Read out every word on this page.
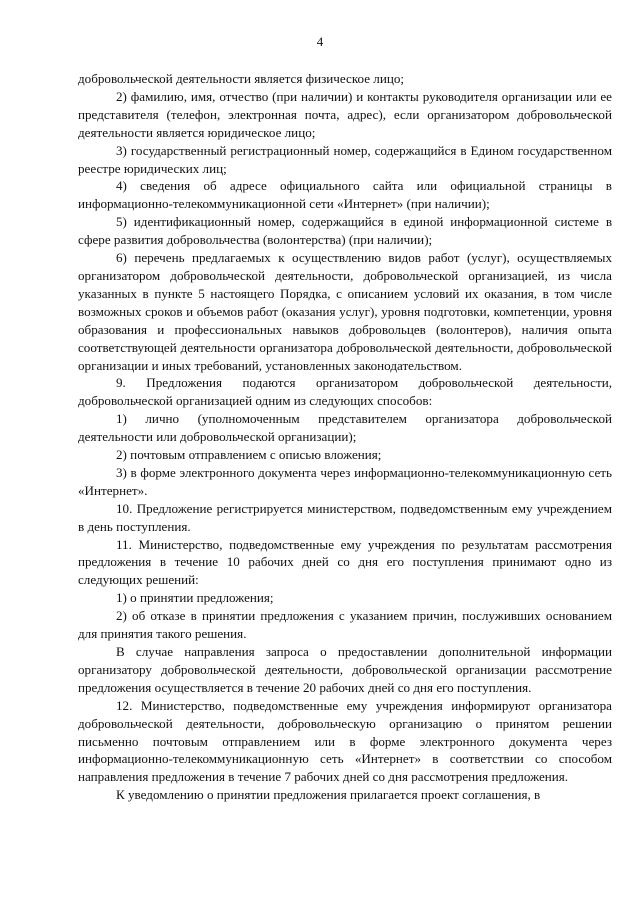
4

добровольческой деятельности является физическое лицо;

2) фамилию, имя, отчество (при наличии) и контакты руководителя организации или ее представителя (телефон, электронная почта, адрес), если организатором добровольческой деятельности является юридическое лицо;

3) государственный регистрационный номер, содержащийся в Едином государственном реестре юридических лиц;

4) сведения об адресе официального сайта или официальной страницы в информационно-телекоммуникационной сети «Интернет» (при наличии);

5) идентификационный номер, содержащийся в единой информационной системе в сфере развития добровольчества (волонтерства) (при наличии);

6) перечень предлагаемых к осуществлению видов работ (услуг), осуществляемых организатором добровольческой деятельности, добровольческой организацией, из числа указанных в пункте 5 настоящего Порядка, с описанием условий их оказания, в том числе возможных сроков и объемов работ (оказания услуг), уровня подготовки, компетенции, уровня образования и профессиональных навыков добровольцев (волонтеров), наличия опыта соответствующей деятельности организатора добровольческой деятельности, добровольческой организации и иных требований, установленных законодательством.

9. Предложения подаются организатором добровольческой деятельности, добровольческой организацией одним из следующих способов:

1) лично (уполномоченным представителем организатора добровольческой деятельности или добровольческой организации);

2) почтовым отправлением с описью вложения;

3) в форме электронного документа через информационно-телекоммуникационную сеть «Интернет».

10. Предложение регистрируется министерством, подведомственным ему учреждением в день поступления.

11. Министерство, подведомственные ему учреждения по результатам рассмотрения предложения в течение 10 рабочих дней со дня его поступления принимают одно из следующих решений:

1) о принятии предложения;

2) об отказе в принятии предложения с указанием причин, послуживших основанием для принятия такого решения.

В случае направления запроса о предоставлении дополнительной информации организатору добровольческой деятельности, добровольческой организации рассмотрение предложения осуществляется в течение 20 рабочих дней со дня его поступления.

12. Министерство, подведомственные ему учреждения информируют организатора добровольческой деятельности, добровольческую организацию о принятом решении письменно почтовым отправлением или в форме электронного документа через информационно-телекоммуникационную сеть «Интернет» в соответствии со способом направления предложения в течение 7 рабочих дней со дня рассмотрения предложения.

К уведомлению о принятии предложения прилагается проект соглашения, в
